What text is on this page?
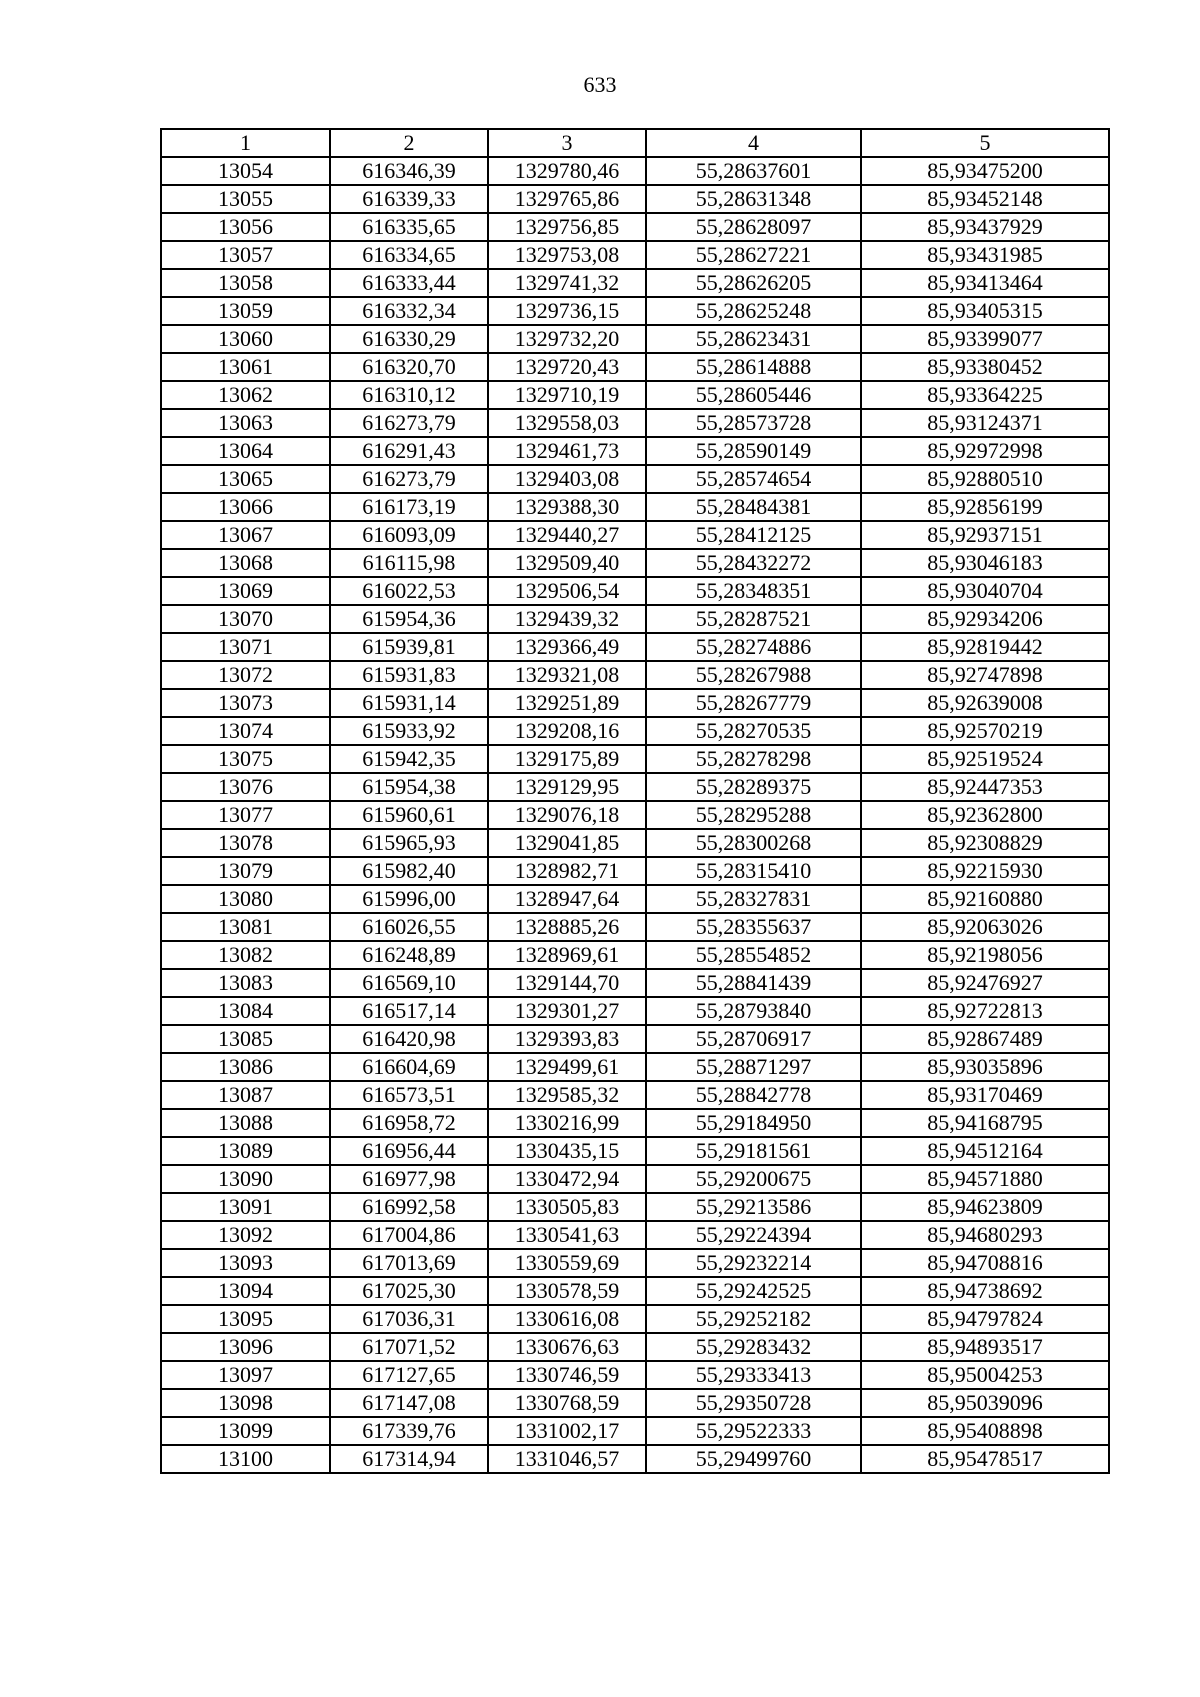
633
1	2	3	4	5
13054	616346,39	1329780,46	55,28637601	85,93475200
13055	616339,33	1329765,86	55,28631348	85,93452148
13056	616335,65	1329756,85	55,28628097	85,93437929
13057	616334,65	1329753,08	55,28627221	85,93431985
13058	616333,44	1329741,32	55,28626205	85,93413464
13059	616332,34	1329736,15	55,28625248	85,93405315
13060	616330,29	1329732,20	55,28623431	85,93399077
13061	616320,70	1329720,43	55,28614888	85,93380452
13062	616310,12	1329710,19	55,28605446	85,93364225
13063	616273,79	1329558,03	55,28573728	85,93124371
13064	616291,43	1329461,73	55,28590149	85,92972998
13065	616273,79	1329403,08	55,28574654	85,92880510
13066	616173,19	1329388,30	55,28484381	85,92856199
13067	616093,09	1329440,27	55,28412125	85,92937151
13068	616115,98	1329509,40	55,28432272	85,93046183
13069	616022,53	1329506,54	55,28348351	85,93040704
13070	615954,36	1329439,32	55,28287521	85,92934206
13071	615939,81	1329366,49	55,28274886	85,92819442
13072	615931,83	1329321,08	55,28267988	85,92747898
13073	615931,14	1329251,89	55,28267779	85,92639008
13074	615933,92	1329208,16	55,28270535	85,92570219
13075	615942,35	1329175,89	55,28278298	85,92519524
13076	615954,38	1329129,95	55,28289375	85,92447353
13077	615960,61	1329076,18	55,28295288	85,92362800
13078	615965,93	1329041,85	55,28300268	85,92308829
13079	615982,40	1328982,71	55,28315410	85,92215930
13080	615996,00	1328947,64	55,28327831	85,92160880
13081	616026,55	1328885,26	55,28355637	85,92063026
13082	616248,89	1328969,61	55,28554852	85,92198056
13083	616569,10	1329144,70	55,28841439	85,92476927
13084	616517,14	1329301,27	55,28793840	85,92722813
13085	616420,98	1329393,83	55,28706917	85,92867489
13086	616604,69	1329499,61	55,28871297	85,93035896
13087	616573,51	1329585,32	55,28842778	85,93170469
13088	616958,72	1330216,99	55,29184950	85,94168795
13089	616956,44	1330435,15	55,29181561	85,94512164
13090	616977,98	1330472,94	55,29200675	85,94571880
13091	616992,58	1330505,83	55,29213586	85,94623809
13092	617004,86	1330541,63	55,29224394	85,94680293
13093	617013,69	1330559,69	55,29232214	85,94708816
13094	617025,30	1330578,59	55,29242525	85,94738692
13095	617036,31	1330616,08	55,29252182	85,94797824
13096	617071,52	1330676,63	55,29283432	85,94893517
13097	617127,65	1330746,59	55,29333413	85,95004253
13098	617147,08	1330768,59	55,29350728	85,95039096
13099	617339,76	1331002,17	55,29522333	85,95408898
13100	617314,94	1331046,57	55,29499760	85,95478517
